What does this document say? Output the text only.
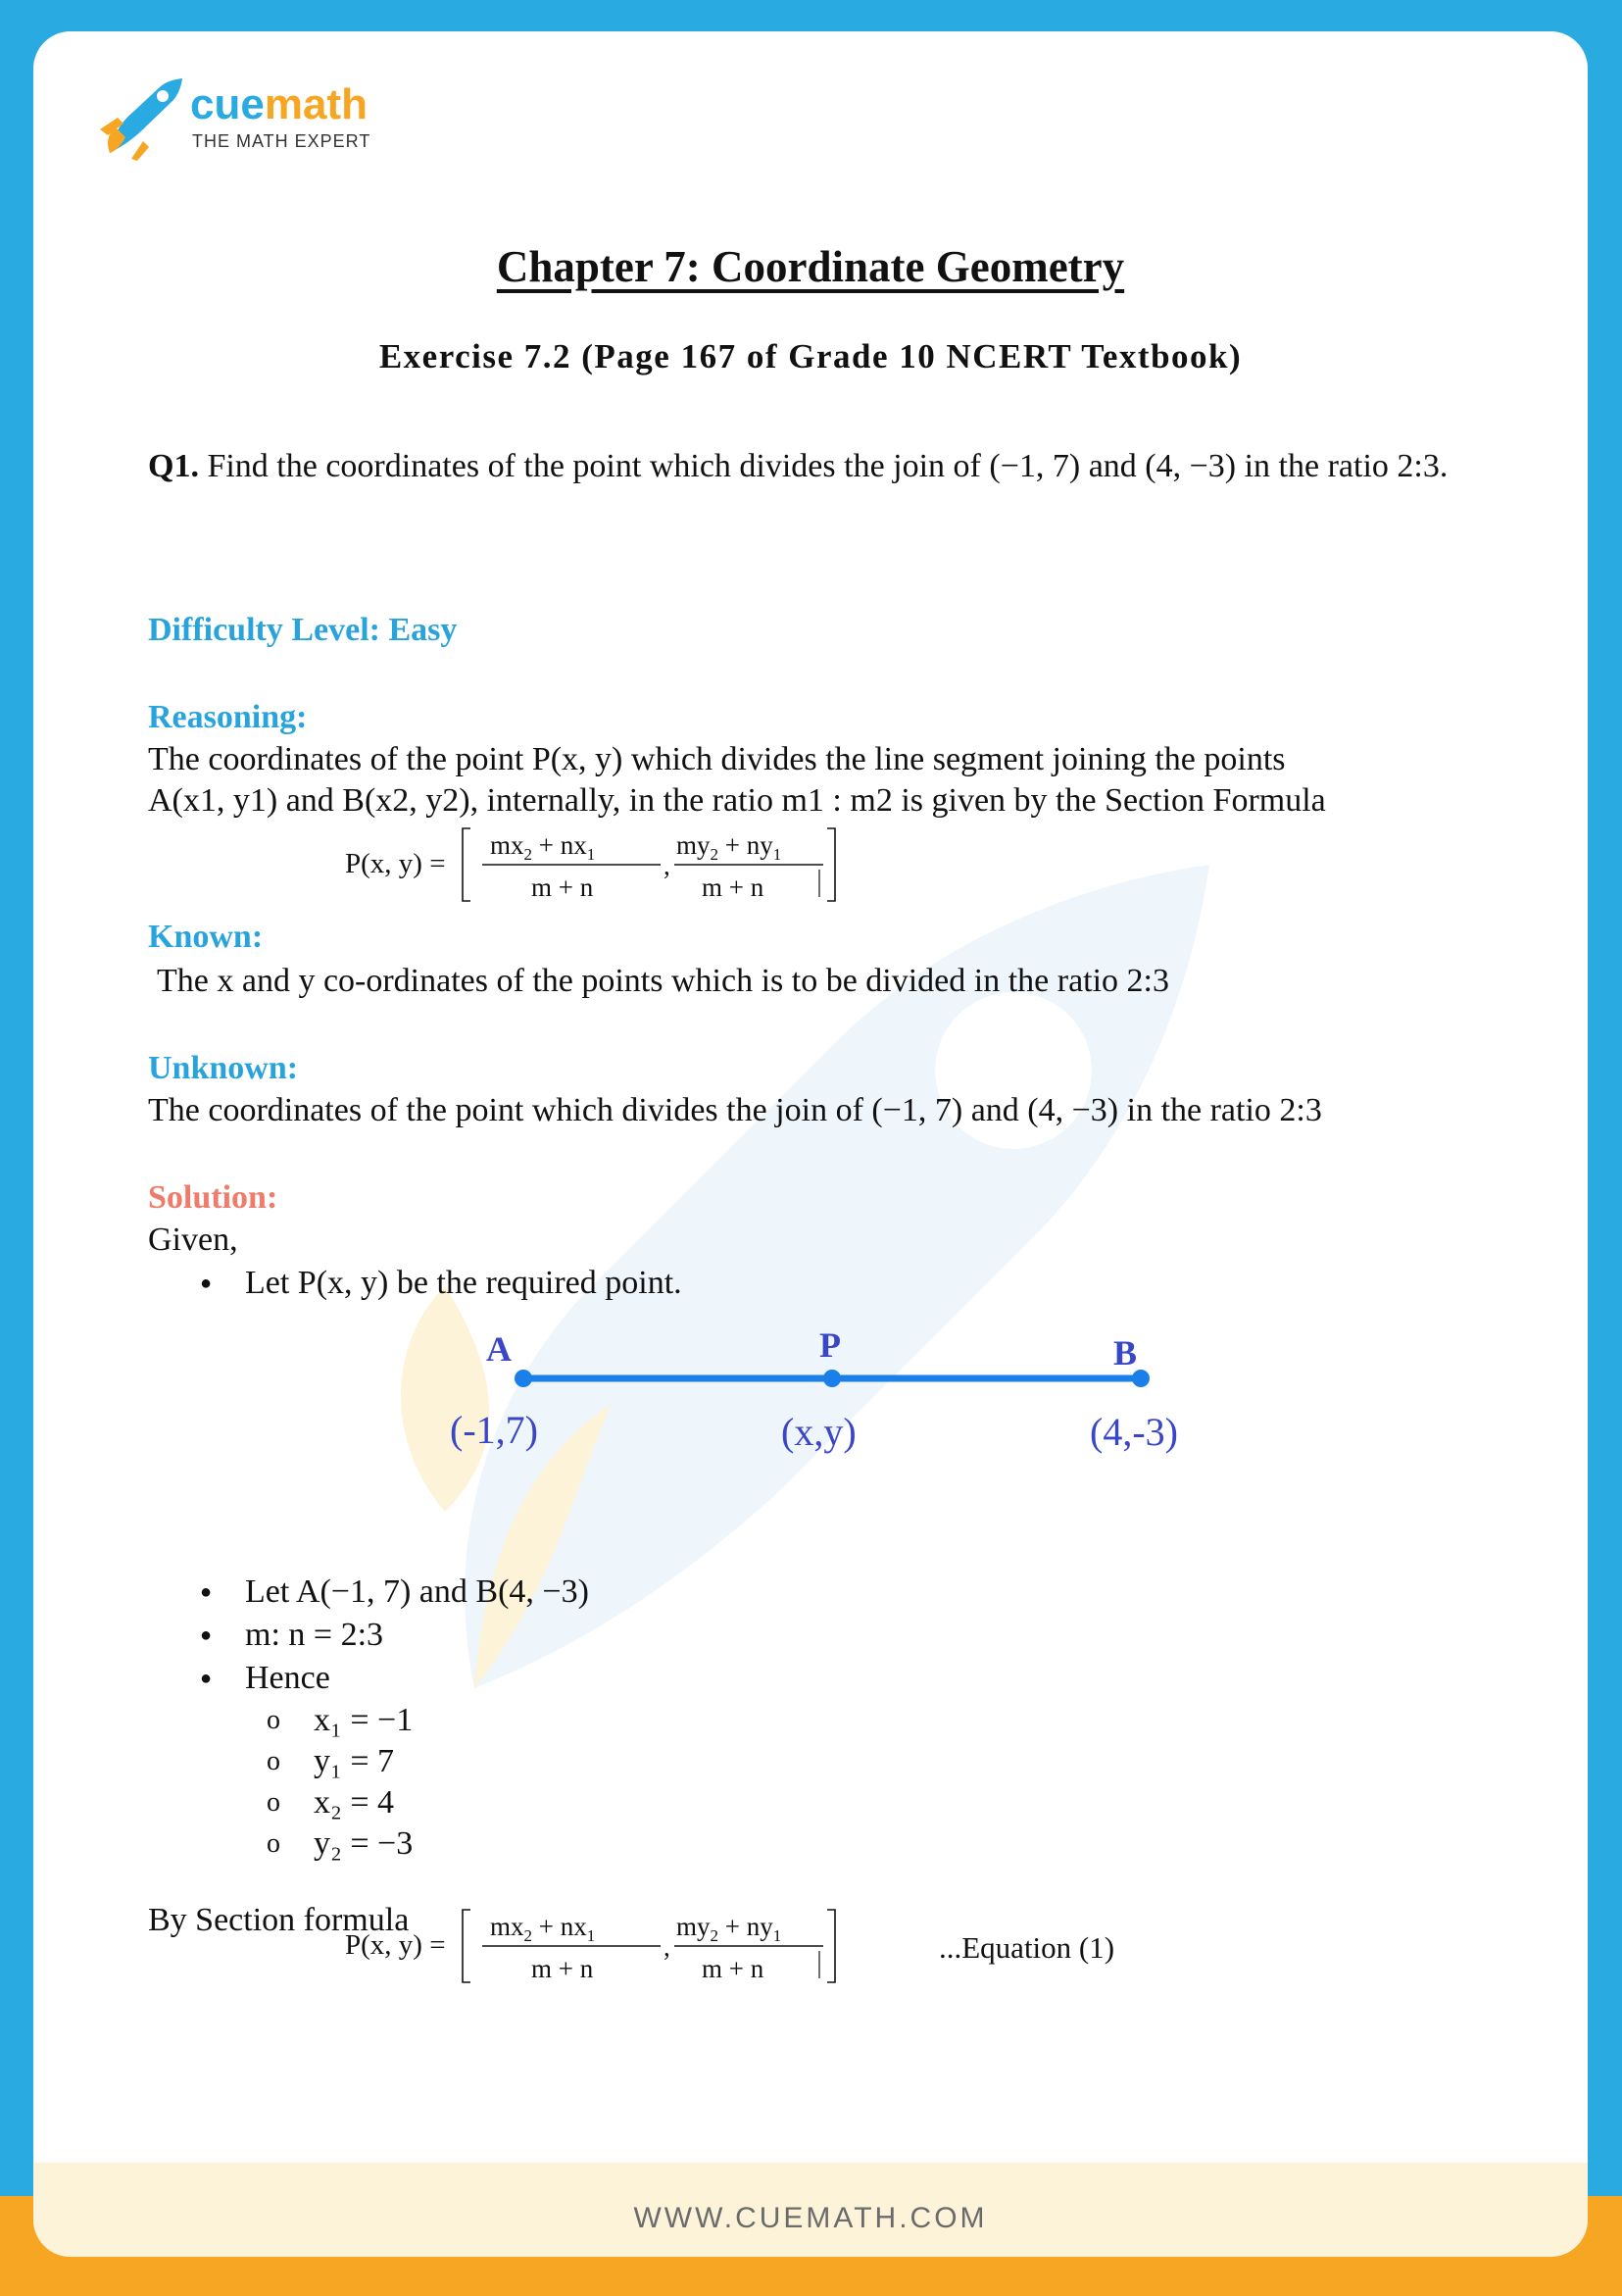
cuemath
THE MATH EXPERT
Chapter 7: Coordinate Geometry
Exercise 7.2 (Page 167 of Grade 10 NCERT Textbook)
Q1. Find the coordinates of the point which divides the join of (−1, 7) and (4, −3) in the ratio 2:3.
Difficulty Level: Easy
Reasoning:
The coordinates of the point P(x, y) which divides the line segment joining the points
A(x1, y1) and B(x2, y2), internally, in the ratio m1 : m2 is given by the Section Formula
P(x, y) =
$mx_2 + nx_1$
m + n
,
$my_2 + ny_1$
m + n
Known:
The x and y co-ordinates of the points which is to be divided in the ratio 2:3
Unknown:
The coordinates of the point which divides the join of (−1, 7) and (4, −3) in the ratio 2:3
Solution:
Given,
● Let P(x, y) be the required point.
A	P	B
(-1,7)	(x,y)	(4,-3)
● Let A(−1, 7) and B(4, −3)
● m: n = 2:3
● Hence
o x₁ = −1
o y₁ = 7
o x₂ = 4
o y₂ = −3
By Section formula
P(x, y) =
$mx_2 + nx_1$
m + n
,
$my_2 + ny_1$
m + n
...Equation (1)
WWW.CUEMATH.COM
